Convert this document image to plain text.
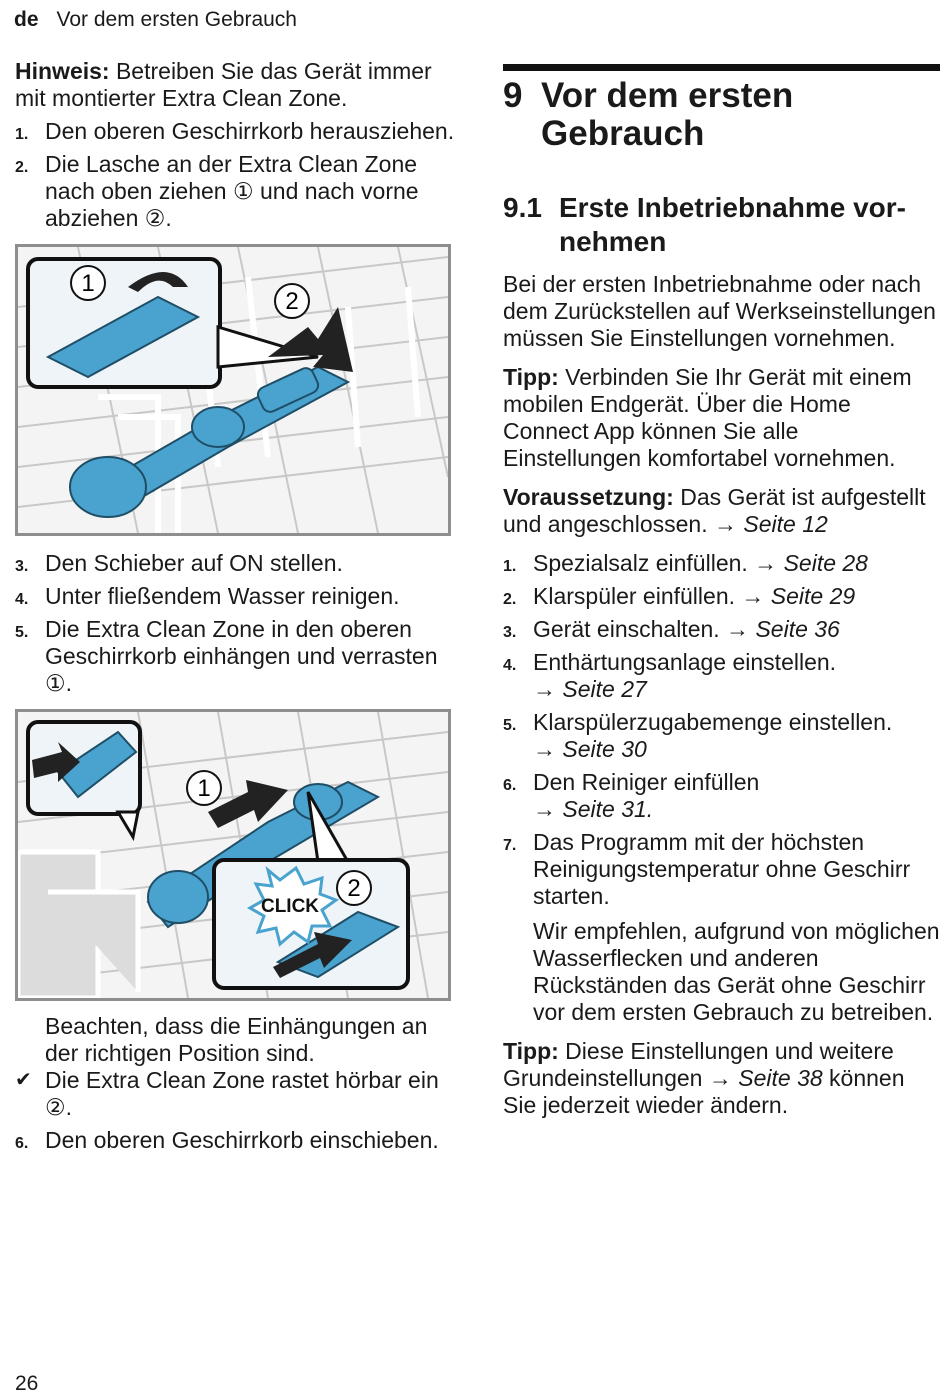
de Vor dem ersten Gebrauch

Hinweis: Betreiben Sie das Gerät immer mit montierter Extra Clean Zone.

1. Den oberen Geschirrkorb herausziehen.
2. Die Lasche an der Extra Clean Zone nach oben ziehen ① und nach vorne abziehen ②.
1
2
3. Den Schieber auf ON stellen.
4. Unter fließendem Wasser reinigen.
5. Die Extra Clean Zone in den oberen Geschirrkorb einhängen und verrasten ①.
1
CLICK
2

Beachten, dass die Einhängungen an der richtigen Position sind.

✔ Die Extra Clean Zone rastet hörbar ein ②.
6. Den oberen Geschirrkorb einschieben.
9 Vor dem ersten Gebrauch
9.1 Erste Inbetriebnahme vornehmen

Bei der ersten Inbetriebnahme oder nach dem Zurückstellen auf Werkseinstellungen müssen Sie Einstellungen vornehmen.

Tipp: Verbinden Sie Ihr Gerät mit einem mobilen Endgerät. Über die Home Connect App können Sie alle Einstellungen komfortabel vornehmen.

Voraussetzung: Das Gerät ist aufgestellt und angeschlossen. → Seite 12

1. Spezialsalz einfüllen. → Seite 28
2. Klarspüler einfüllen. → Seite 29
3. Gerät einschalten. → Seite 36
4. Enthärtungsanlage einstellen.
→ Seite 27
5. Klarspülerzugabemenge einstellen.
→ Seite 30
6. Den Reiniger einfüllen
→ Seite 31.
7. Das Programm mit der höchsten Reinigungstemperatur ohne Geschirr starten.

Wir empfehlen, aufgrund von möglichen Wasserflecken und anderen Rückständen das Gerät ohne Geschirr vor dem ersten Gebrauch zu betreiben.

Tipp: Diese Einstellungen und weitere Grundeinstellungen → Seite 38 können Sie jederzeit wieder ändern.

26
